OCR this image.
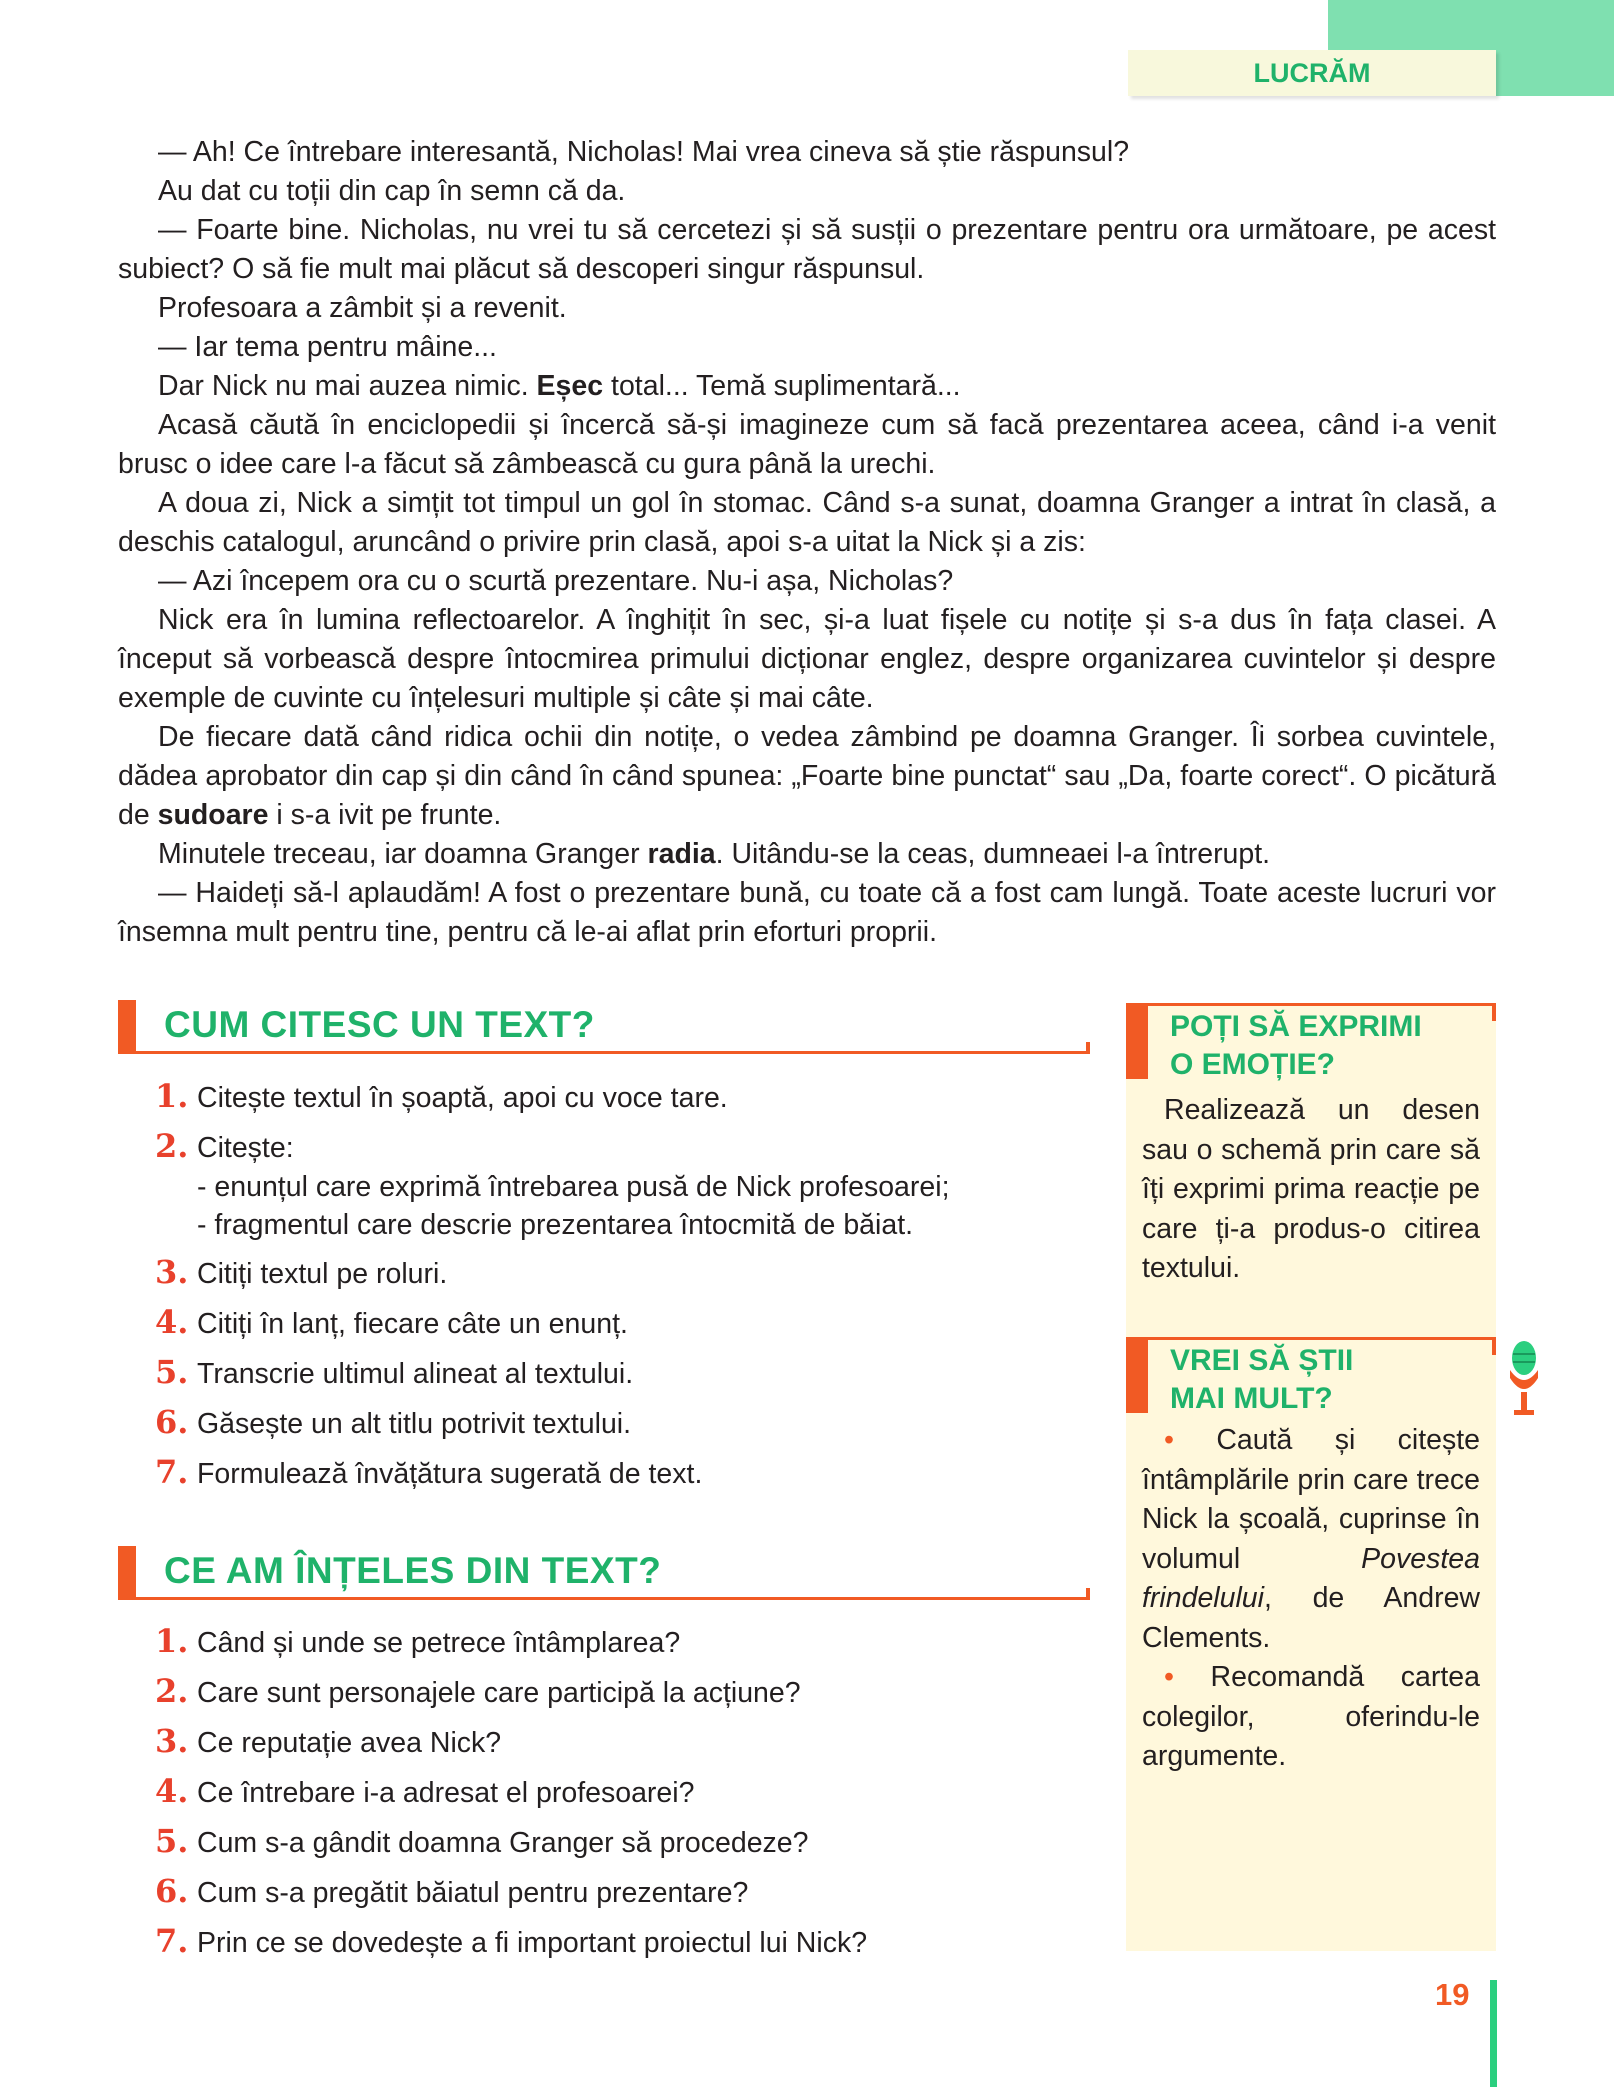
LUCRĂM

— Ah! Ce întrebare interesantă, Nicholas! Mai vrea cineva să știe răspunsul?

Au dat cu toții din cap în semn că da.

— Foarte bine. Nicholas, nu vrei tu să cercetezi și să susții o prezentare pentru ora următoare, pe acest subiect? O să fie mult mai plăcut să descoperi singur răspunsul.

Profesoara a zâmbit și a revenit.

— Iar tema pentru mâine...

Dar Nick nu mai auzea nimic. Eșec total... Temă suplimentară...

Acasă căută în enciclopedii și încercă să-și imagineze cum să facă prezentarea aceea, când i-a venit brusc o idee care l-a făcut să zâmbească cu gura până la urechi.

A doua zi, Nick a simțit tot timpul un gol în stomac. Când s-a sunat, doamna Granger a intrat în clasă, a deschis catalogul, aruncând o privire prin clasă, apoi s-a uitat la Nick și a zis:

— Azi începem ora cu o scurtă prezentare. Nu-i așa, Nicholas?

Nick era în lumina reflectoarelor. A înghițit în sec, și-a luat fișele cu notițe și s-a dus în fața clasei. A început să vorbească despre întocmirea primului dicționar englez, despre organizarea cuvintelor și despre exemple de cuvinte cu înțelesuri multiple și câte și mai câte.

De fiecare dată când ridica ochii din notițe, o vedea zâmbind pe doamna Granger. Îi sorbea cuvintele, dădea aprobator din cap și din când în când spunea: „Foarte bine punctat“ sau „Da, foarte corect“. O picătură de sudoare i s-a ivit pe frunte.

Minutele treceau, iar doamna Granger radia. Uitându-se la ceas, dumneaei l-a întrerupt.

— Haideți să-l aplaudăm! A fost o prezentare bună, cu toate că a fost cam lungă. Toate aceste lucruri vor însemna mult pentru tine, pentru că le-ai aflat prin eforturi proprii.

CUM CITESC UN TEXT?
1. Citește textul în șoaptă, apoi cu voce tare.
2. Citește:
- enunțul care exprimă întrebarea pusă de Nick profesoarei;
- fragmentul care descrie prezentarea întocmită de băiat.
3. Citiți textul pe roluri.
4. Citiți în lanț, fiecare câte un enunț.
5. Transcrie ultimul alineat al textului.
6. Găsește un alt titlu potrivit textului.
7. Formulează învățătura sugerată de text.
CE AM ÎNȚELES DIN TEXT?
1. Când și unde se petrece întâmplarea?
2. Care sunt personajele care participă la acțiune?
3. Ce reputație avea Nick?
4. Ce întrebare i-a adresat el profesoarei?
5. Cum s-a gândit doamna Granger să procedeze?
6. Cum s-a pregătit băiatul pentru prezentare?
7. Prin ce se dovedește a fi important proiectul lui Nick?
POȚI SĂ EXPRIMI
O EMOȚIE?

Realizează un desen sau o schemă prin care să îți exprimi prima reacție pe care ți-a produs-o citirea textului.

VREI SĂ ȘTII
MAI MULT?

• Caută și citește întâmplările prin care trece Nick la școală, cuprinse în volumul Povestea frindelului, de Andrew Clements.

• Recomandă cartea colegilor, oferindu-le argumente.

19
